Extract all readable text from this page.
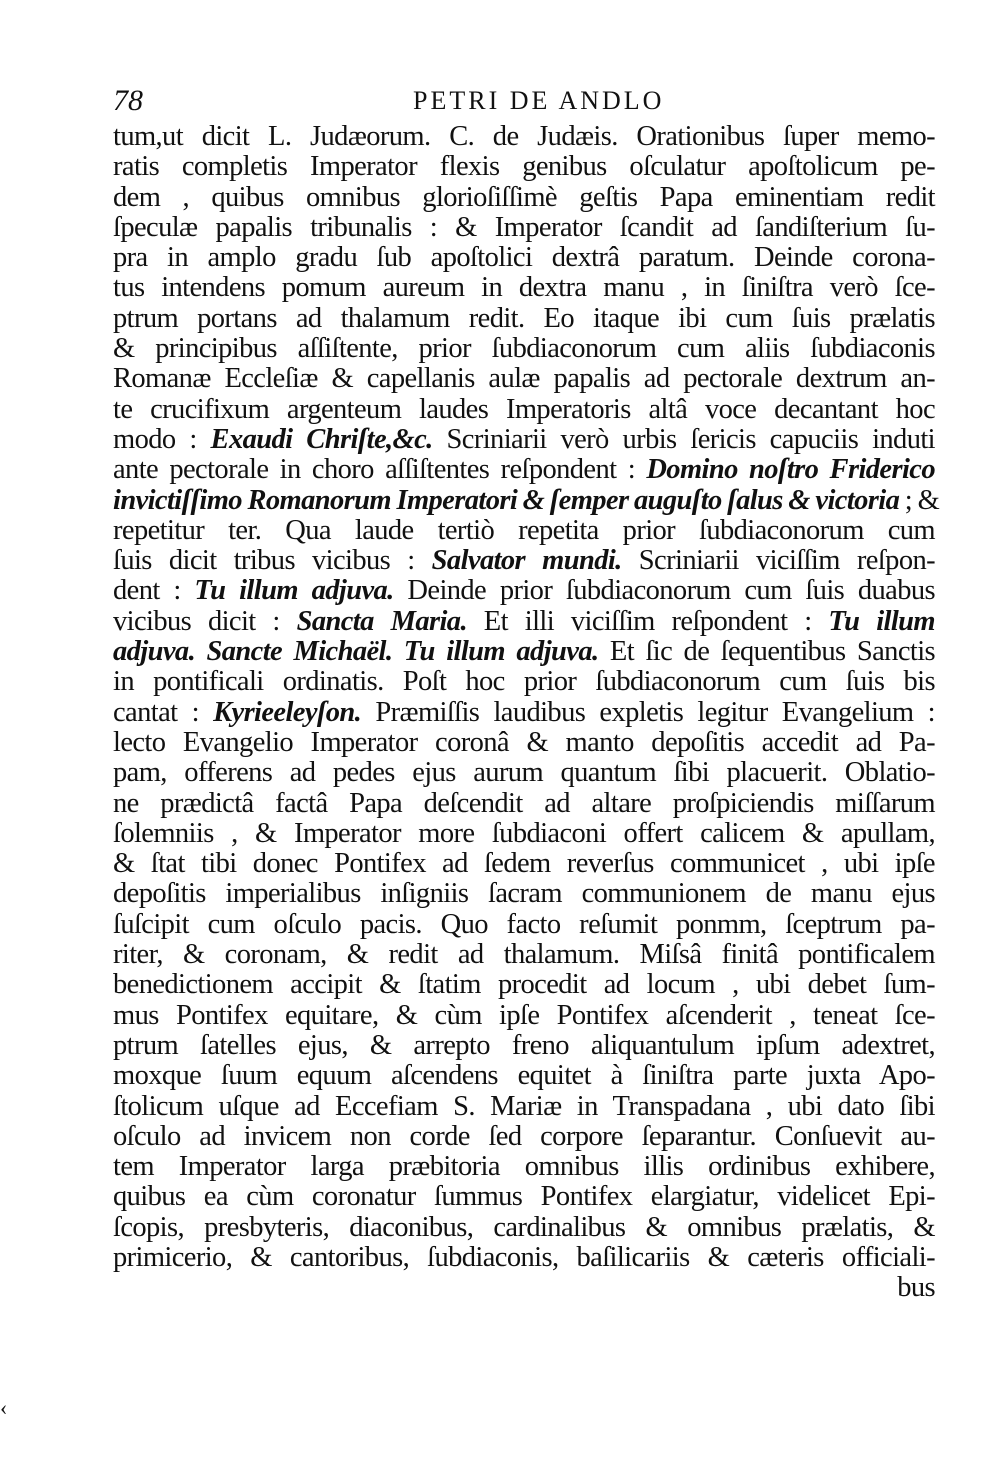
78	PETRI DE ANDLO
tum,ut dicit L. Judæorum. C. de Judæis. Orationibus ſuper memo-
ratis completis Imperator flexis genibus oſculatur apoſtolicum pe-
dem , quibus omnibus glorioſiſſimè geſtis Papa eminentiam redit
ſpeculæ papalis tribunalis : & Imperator ſcandit ad ſandiſterium ſu-
pra in amplo gradu ſub apoſtolici dextrâ paratum. Deinde corona-
tus intendens pomum aureum in dextra manu , in ſiniſtra verò ſce-
ptrum portans ad thalamum redit. Eo itaque ibi cum ſuis prælatis
& principibus aſſiſtente, prior ſubdiaconorum cum aliis ſubdiaconis
Romanæ Eccleſiæ & capellanis aulæ papalis ad pectorale dextrum an-
te crucifixum argenteum laudes Imperatoris altâ voce decantant hoc
modo : Exaudi Chriſte,&c. Scriniarii verò urbis ſericis capuciis induti
ante pectorale in choro aſſiſtentes reſpondent : Domino noſtro Friderico
invictiſſimo Romanorum Imperatori & ſemper auguſto ſalus & victoria ; &
repetitur ter. Qua laude tertiò repetita prior ſubdiaconorum cum
ſuis dicit tribus vicibus : Salvator mundi. Scriniarii viciſſim reſpon-
dent : Tu illum adjuva. Deinde prior ſubdiaconorum cum ſuis duabus
vicibus dicit : Sancta Maria. Et illi viciſſim reſpondent : Tu illum
adjuva. Sancte Michaël. Tu illum adjuva. Et ſic de ſequentibus Sanctis
in pontificali ordinatis. Poſt hoc prior ſubdiaconorum cum ſuis bis
cantat : Kyrieeleyſon. Præmiſſis laudibus expletis legitur Evangelium :
lecto Evangelio Imperator coronâ & manto depoſitis accedit ad Pa-
pam, offerens ad pedes ejus aurum quantum ſibi placuerit. Oblatio-
ne prædictâ factâ Papa deſcendit ad altare proſpiciendis miſſarum
ſolemniis , & Imperator more ſubdiaconi offert calicem & apullam,
& ſtat tibi donec Pontifex ad ſedem reverſus communicet , ubi ipſe
depoſitis imperialibus inſigniis ſacram communionem de manu ejus
ſuſcipit cum oſculo pacis. Quo facto reſumit ponmm, ſceptrum pa-
riter, & coronam, & redit ad thalamum. Miſsâ finitâ pontificalem
benedictionem accipit & ſtatim procedit ad locum , ubi debet ſum-
mus Pontifex equitare, & cùm ipſe Pontifex aſcenderit , teneat ſce-
ptrum ſatelles ejus, & arrepto freno aliquantulum ipſum adextret,
moxque ſuum equum aſcendens equitet à ſiniſtra parte juxta Apo-
ſtolicum uſque ad Eccefiam S. Mariæ in Transpadana , ubi dato ſibi
oſculo ad invicem non corde ſed corpore ſeparantur. Conſuevit au-
tem Imperator larga præbitoria omnibus illis ordinibus exhibere,
quibus ea cùm coronatur ſummus Pontifex elargiatur, videlicet Epi-
ſcopis, presbyteris, diaconibus, cardinalibus & omnibus prælatis, &
primicerio, & cantoribus, ſubdiaconis, baſilicariis & cæteris officiali-
bus
‹
